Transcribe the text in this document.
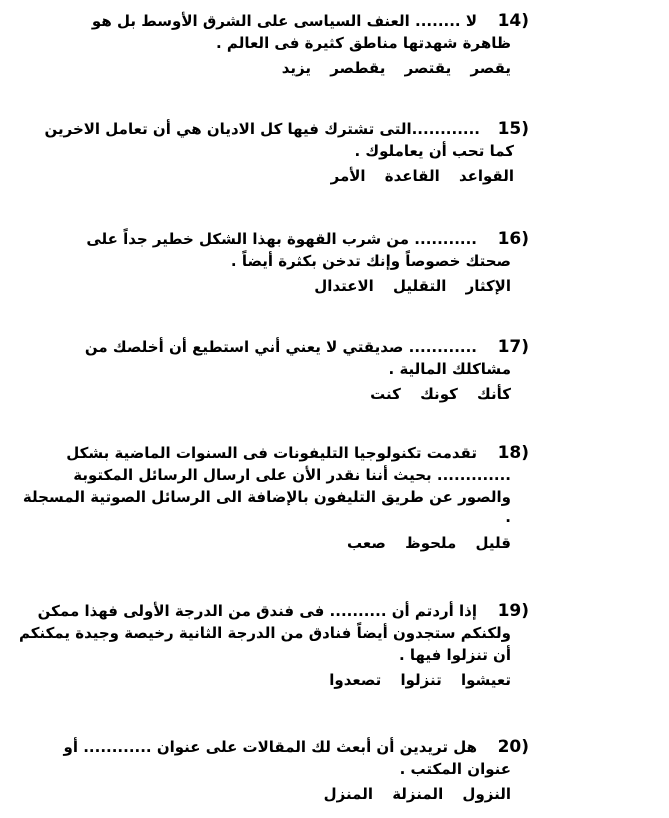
14)
لا ........ العنف السياسى على الشرق الأوسط بل هو
ظاهرة شهدتها مناطق كثيرة فى العالم .
يقصر يقتصر يقطصر يزيد
15)
............التى تشترك فيها كل الاديان هي أن تعامل الاخرين
كما تحب أن يعاملوك .
القواعد القاعدة الأمر
16)
........... من شرب القهوة بهذا الشكل خطير جداً على
صحتك خصوصاً وإنك تدخن بكثرة أيضاً .
الإكثار التقليل الاعتدال
17)
............ صديقتي لا يعني أني استطيع أن أخلصك من
مشاكلك المالية .
كأنك كونك كنت
18)
تقدمت تكنولوجيا التليفونات فى السنوات الماضية بشكل
............. بحيث أننا نقدر الأن على ارسال الرسائل المكتوبة
والصور عن طريق التليفون بالإضافة الى الرسائل الصوتية المسجلة
.
قليل ملحوظ صعب
19)
إذا أردتم أن .......... فى فندق من الدرجة الأولى فهذا ممكن
ولكنكم ستجدون أيضاً فنادق من الدرجة الثانية رخيصة وجيدة يمكنكم
أن تنزلوا فيها .
تعيشوا تنزلوا تصعدوا
20)
هل تريدين أن أبعث لك المقالات على عنوان ............ أو
عنوان المكتب .
النزول المنزلة المنزل
